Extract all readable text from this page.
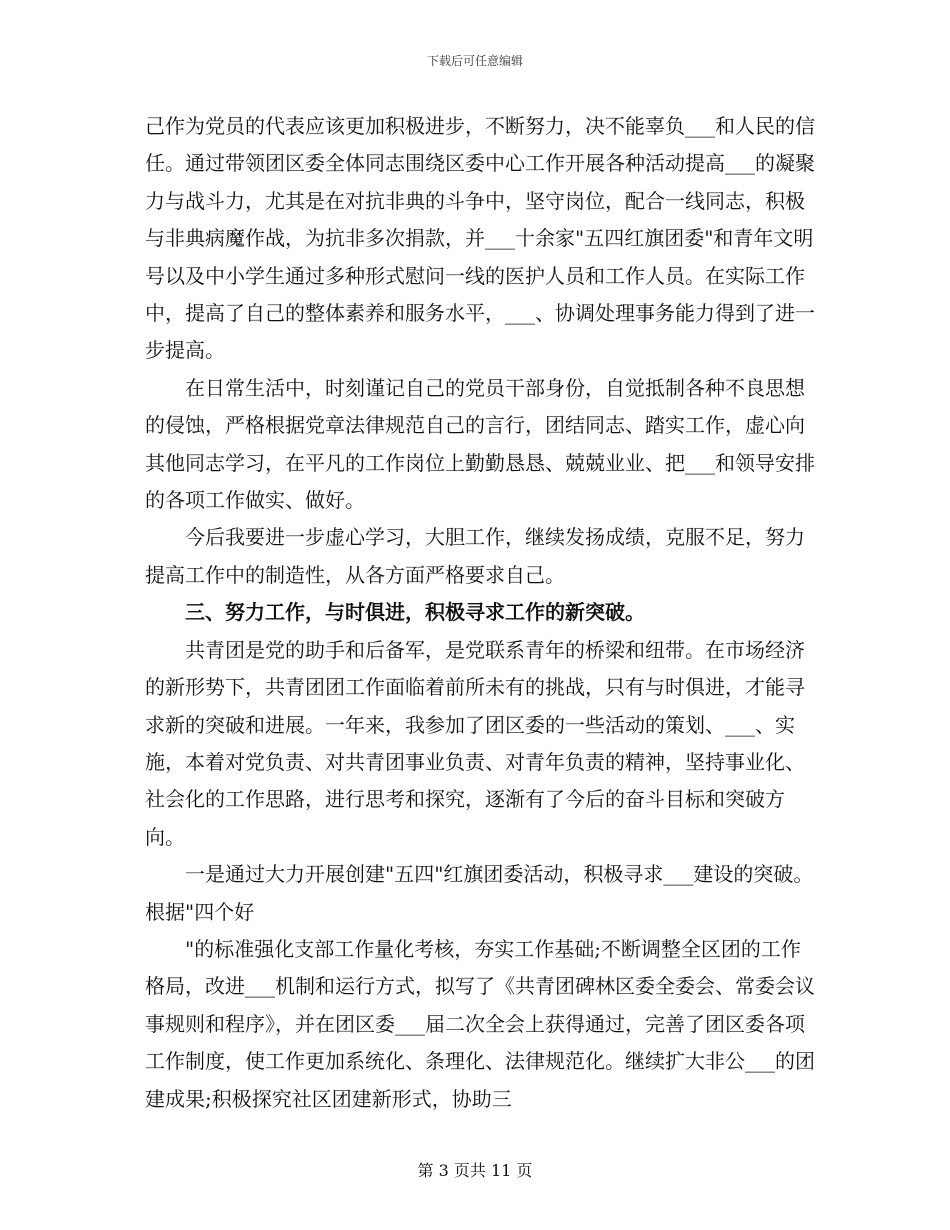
下载后可任意编辑

己作为党员的代表应该更加积极进步，不断努力，决不能辜负___和人民的信任。通过带领团区委全体同志围绕区委中心工作开展各种活动提高___的凝聚力与战斗力，尤其是在对抗非典的斗争中，坚守岗位，配合一线同志，积极与非典病魔作战，为抗非多次捐款，并___十余家"五四红旗团委"和青年文明号以及中小学生通过多种形式慰问一线的医护人员和工作人员。在实际工作中，提高了自己的整体素养和服务水平，___、协调处理事务能力得到了进一步提高。

在日常生活中，时刻谨记自己的党员干部身份，自觉抵制各种不良思想的侵蚀，严格根据党章法律规范自己的言行，团结同志、踏实工作，虚心向其他同志学习，在平凡的工作岗位上勤勤恳恳、兢兢业业、把___和领导安排的各项工作做实、做好。

今后我要进一步虚心学习，大胆工作，继续发扬成绩，克服不足，努力提高工作中的制造性，从各方面严格要求自己。

三、努力工作，与时俱进，积极寻求工作的新突破。

共青团是党的助手和后备军，是党联系青年的桥梁和纽带。在市场经济的新形势下，共青团团工作面临着前所未有的挑战，只有与时俱进，才能寻求新的突破和进展。一年来，我参加了团区委的一些活动的策划、___、实施，本着对党负责、对共青团事业负责、对青年负责的精神，坚持事业化、社会化的工作思路，进行思考和探究，逐渐有了今后的奋斗目标和突破方向。

一是通过大力开展创建"五四"红旗团委活动，积极寻求___建设的突破。根据"四个好

"的标准强化支部工作量化考核，夯实工作基础;不断调整全区团的工作格局，改进___机制和运行方式，拟写了《共青团碑林区委全委会、常委会议事规则和程序》，并在团区委___届二次全会上获得通过，完善了团区委各项工作制度，使工作更加系统化、条理化、法律规范化。继续扩大非公___的团建成果;积极探究社区团建新形式，协助三

第 3 页共 11 页
